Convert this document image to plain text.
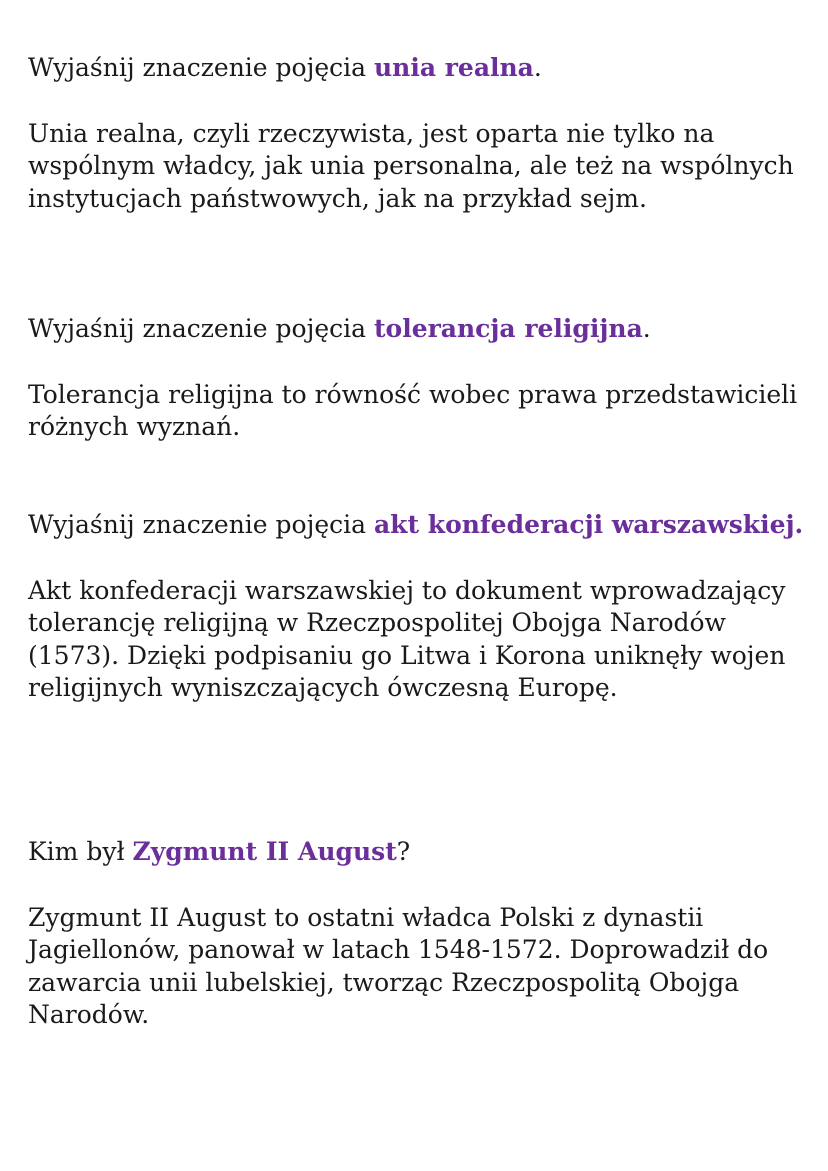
Wyjaśnij znaczenie pojęcia unia realna.

Unia realna, czyli rzeczywista, jest oparta nie tylko na wspólnym władcy, jak unia personalna, ale też na wspólnych instytucjach państwowych, jak na przykład sejm.

Wyjaśnij znaczenie pojęcia tolerancja religijna.

Tolerancja religijna to równość wobec prawa przedstawicieli różnych wyznań.

Wyjaśnij znaczenie pojęcia akt konfederacji warszawskiej.

Akt konfederacji warszawskiej to dokument wprowadzający tolerancję religijną w Rzeczpospolitej Obojga Narodów (1573). Dzięki podpisaniu go Litwa i Korona uniknęły wojen religijnych wyniszczających ówczesną Europę.

Kim był Zygmunt II August?

Zygmunt II August to ostatni władca Polski z dynastii Jagiellonów, panował w latach 1548-1572. Doprowadził do zawarcia unii lubelskiej, tworząc Rzeczpospolitą Obojga Narodów.
